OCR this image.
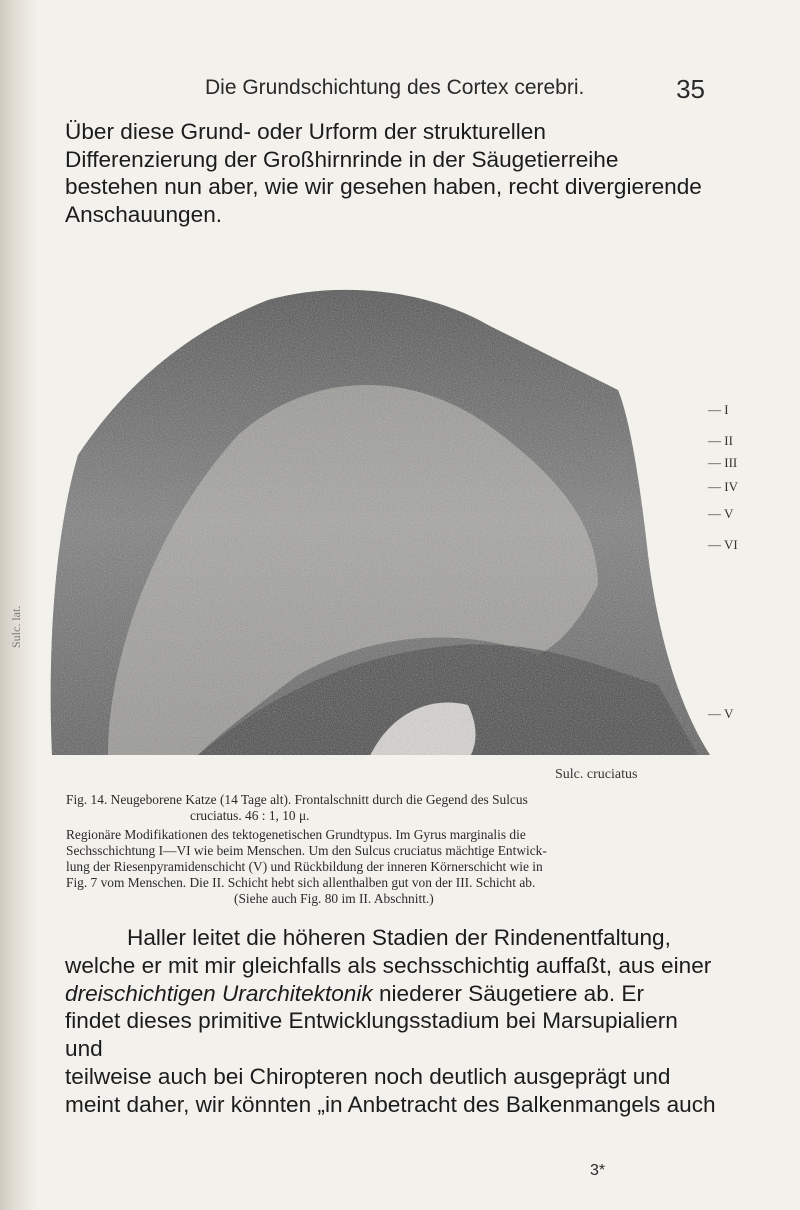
Die Grundschichtung des Cortex cerebri.	35

Über diese Grund- oder Urform der strukturellen
Differenzierung der Großhirnrinde in der Säugetierreihe
bestehen nun aber, wie wir gesehen haben, recht divergierende
Anschauungen.

— I
— II
— III
— IV
— V
— VI
— V
Sulc. lat.
Sulc. cruciatus

Fig. 14. Neugeborene Katze (14 Tage alt). Frontalschnitt durch die Gegend des Sulcus
cruciatus. 46 : 1, 10 μ.

Regionäre Modifikationen des tektogenetischen Grundtypus. Im Gyrus marginalis die
Sechsschichtung I—VI wie beim Menschen. Um den Sulcus cruciatus mächtige Entwick-
lung der Riesenpyramidenschicht (V) und Rückbildung der inneren Körnerschicht wie in
Fig. 7 vom Menschen. Die II. Schicht hebt sich allenthalben gut von der III. Schicht ab.
(Siehe auch Fig. 80 im II. Abschnitt.)

Haller leitet die höheren Stadien der Rindenentfaltung,
welche er mit mir gleichfalls als sechsschichtig auffaßt, aus einer
dreischichtigen Urarchitektonik niederer Säugetiere ab. Er
findet dieses primitive Entwicklungsstadium bei Marsupialiern und
teilweise auch bei Chiropteren noch deutlich ausgeprägt und
meint daher, wir könnten „in Anbetracht des Balkenmangels auch

3*
